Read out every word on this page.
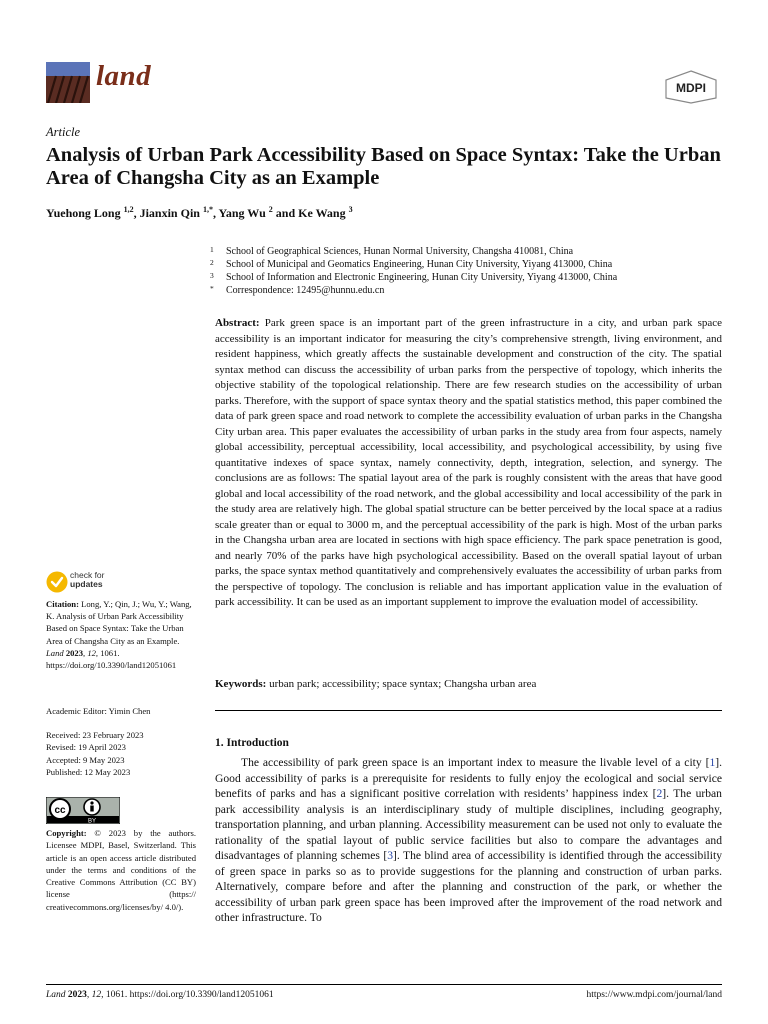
land	MDPI
Article
Analysis of Urban Park Accessibility Based on Space Syntax: Take the Urban Area of Changsha City as an Example
Yuehong Long $^{1,2}$, Jianxin Qin $^{1,*}$, Yang Wu $^2$ and Ke Wang $^3$
1	School of Geographical Sciences, Hunan Normal University, Changsha 410081, China
2	School of Municipal and Geomatics Engineering, Hunan City University, Yiyang 413000, China
3	School of Information and Electronic Engineering, Hunan City University, Yiyang 413000, China
*	Correspondence: 12495@hunnu.edu.cn
Abstract: Park green space is an important part of the green infrastructure in a city, and urban park space accessibility is an important indicator for measuring the city’s comprehensive strength, living environment, and resident happiness, which greatly affects the sustainable development and construction of the city. The spatial syntax method can discuss the accessibility of urban parks from the perspective of topology, which inherits the objective stability of the topological relationship. There are few research studies on the accessibility of urban parks. Therefore, with the support of space syntax theory and the spatial statistics method, this paper combined the data of park green space and road network to complete the accessibility evaluation of urban parks in the Changsha City urban area. This paper evaluates the accessibility of urban parks in the study area from four aspects, namely global accessibility, perceptual accessibility, local accessibility, and psychological accessibility, by using five quantitative indexes of space syntax, namely connectivity, depth, integration, selection, and synergy. The conclusions are as follows: The spatial layout area of the park is roughly consistent with the areas that have good global and local accessibility of the road network, and the global accessibility and local accessibility of the park in the study area are relatively high. The global spatial structure can be better perceived by the local space at a radius scale greater than or equal to 3000 m, and the perceptual accessibility of the park is high. Most of the urban parks in the Changsha urban area are located in sections with high space efficiency. The park space penetration is good, and nearly 70% of the parks have high psychological accessibility. Based on the overall spatial layout of urban parks, the space syntax method quantitatively and comprehensively evaluates the accessibility of urban parks from the perspective of topology. The conclusion is reliable and has important application value in the evaluation of park accessibility. It can be used as an important supplement to improve the evaluation model of accessibility.
Keywords: urban park; accessibility; space syntax; Changsha urban area
1. Introduction
The accessibility of park green space is an important index to measure the livable level of a city [1]. Good accessibility of parks is a prerequisite for residents to fully enjoy the ecological and social service benefits of parks and has a significant positive correlation with residents’ happiness index [2]. The urban park accessibility analysis is an interdisciplinary study of multiple disciplines, including geography, transportation planning, and urban planning. Accessibility measurement can be used not only to evaluate the rationality of the spatial layout of public service facilities but also to compare the advantages and disadvantages of planning schemes [3]. The blind area of accessibility is identified through the accessibility of green space in parks so as to provide suggestions for the planning and construction of urban parks. Alternatively, compare before and after the planning and construction of the park, or whether the accessibility of urban park green space has been improved after the improvement of the road network and other infrastructure. To
check for
updates
Citation: Long, Y.; Qin, J.; Wu, Y.; Wang, K. Analysis of Urban Park Accessibility Based on Space Syntax: Take the Urban Area of Changsha City as an Example. Land 2023, 12, 1061. https://doi.org/10.3390/land12051061
Academic Editor: Yimin Chen
Received: 23 February 2023
Revised: 19 April 2023
Accepted: 9 May 2023
Published: 12 May 2023
cc
BY
Copyright: © 2023 by the authors. Licensee MDPI, Basel, Switzerland. This article is an open access article distributed under the terms and conditions of the Creative Commons Attribution (CC BY) license (https:// creativecommons.org/licenses/by/ 4.0/).
Land 2023, 12, 1061. https://doi.org/10.3390/land12051061	https://www.mdpi.com/journal/land
